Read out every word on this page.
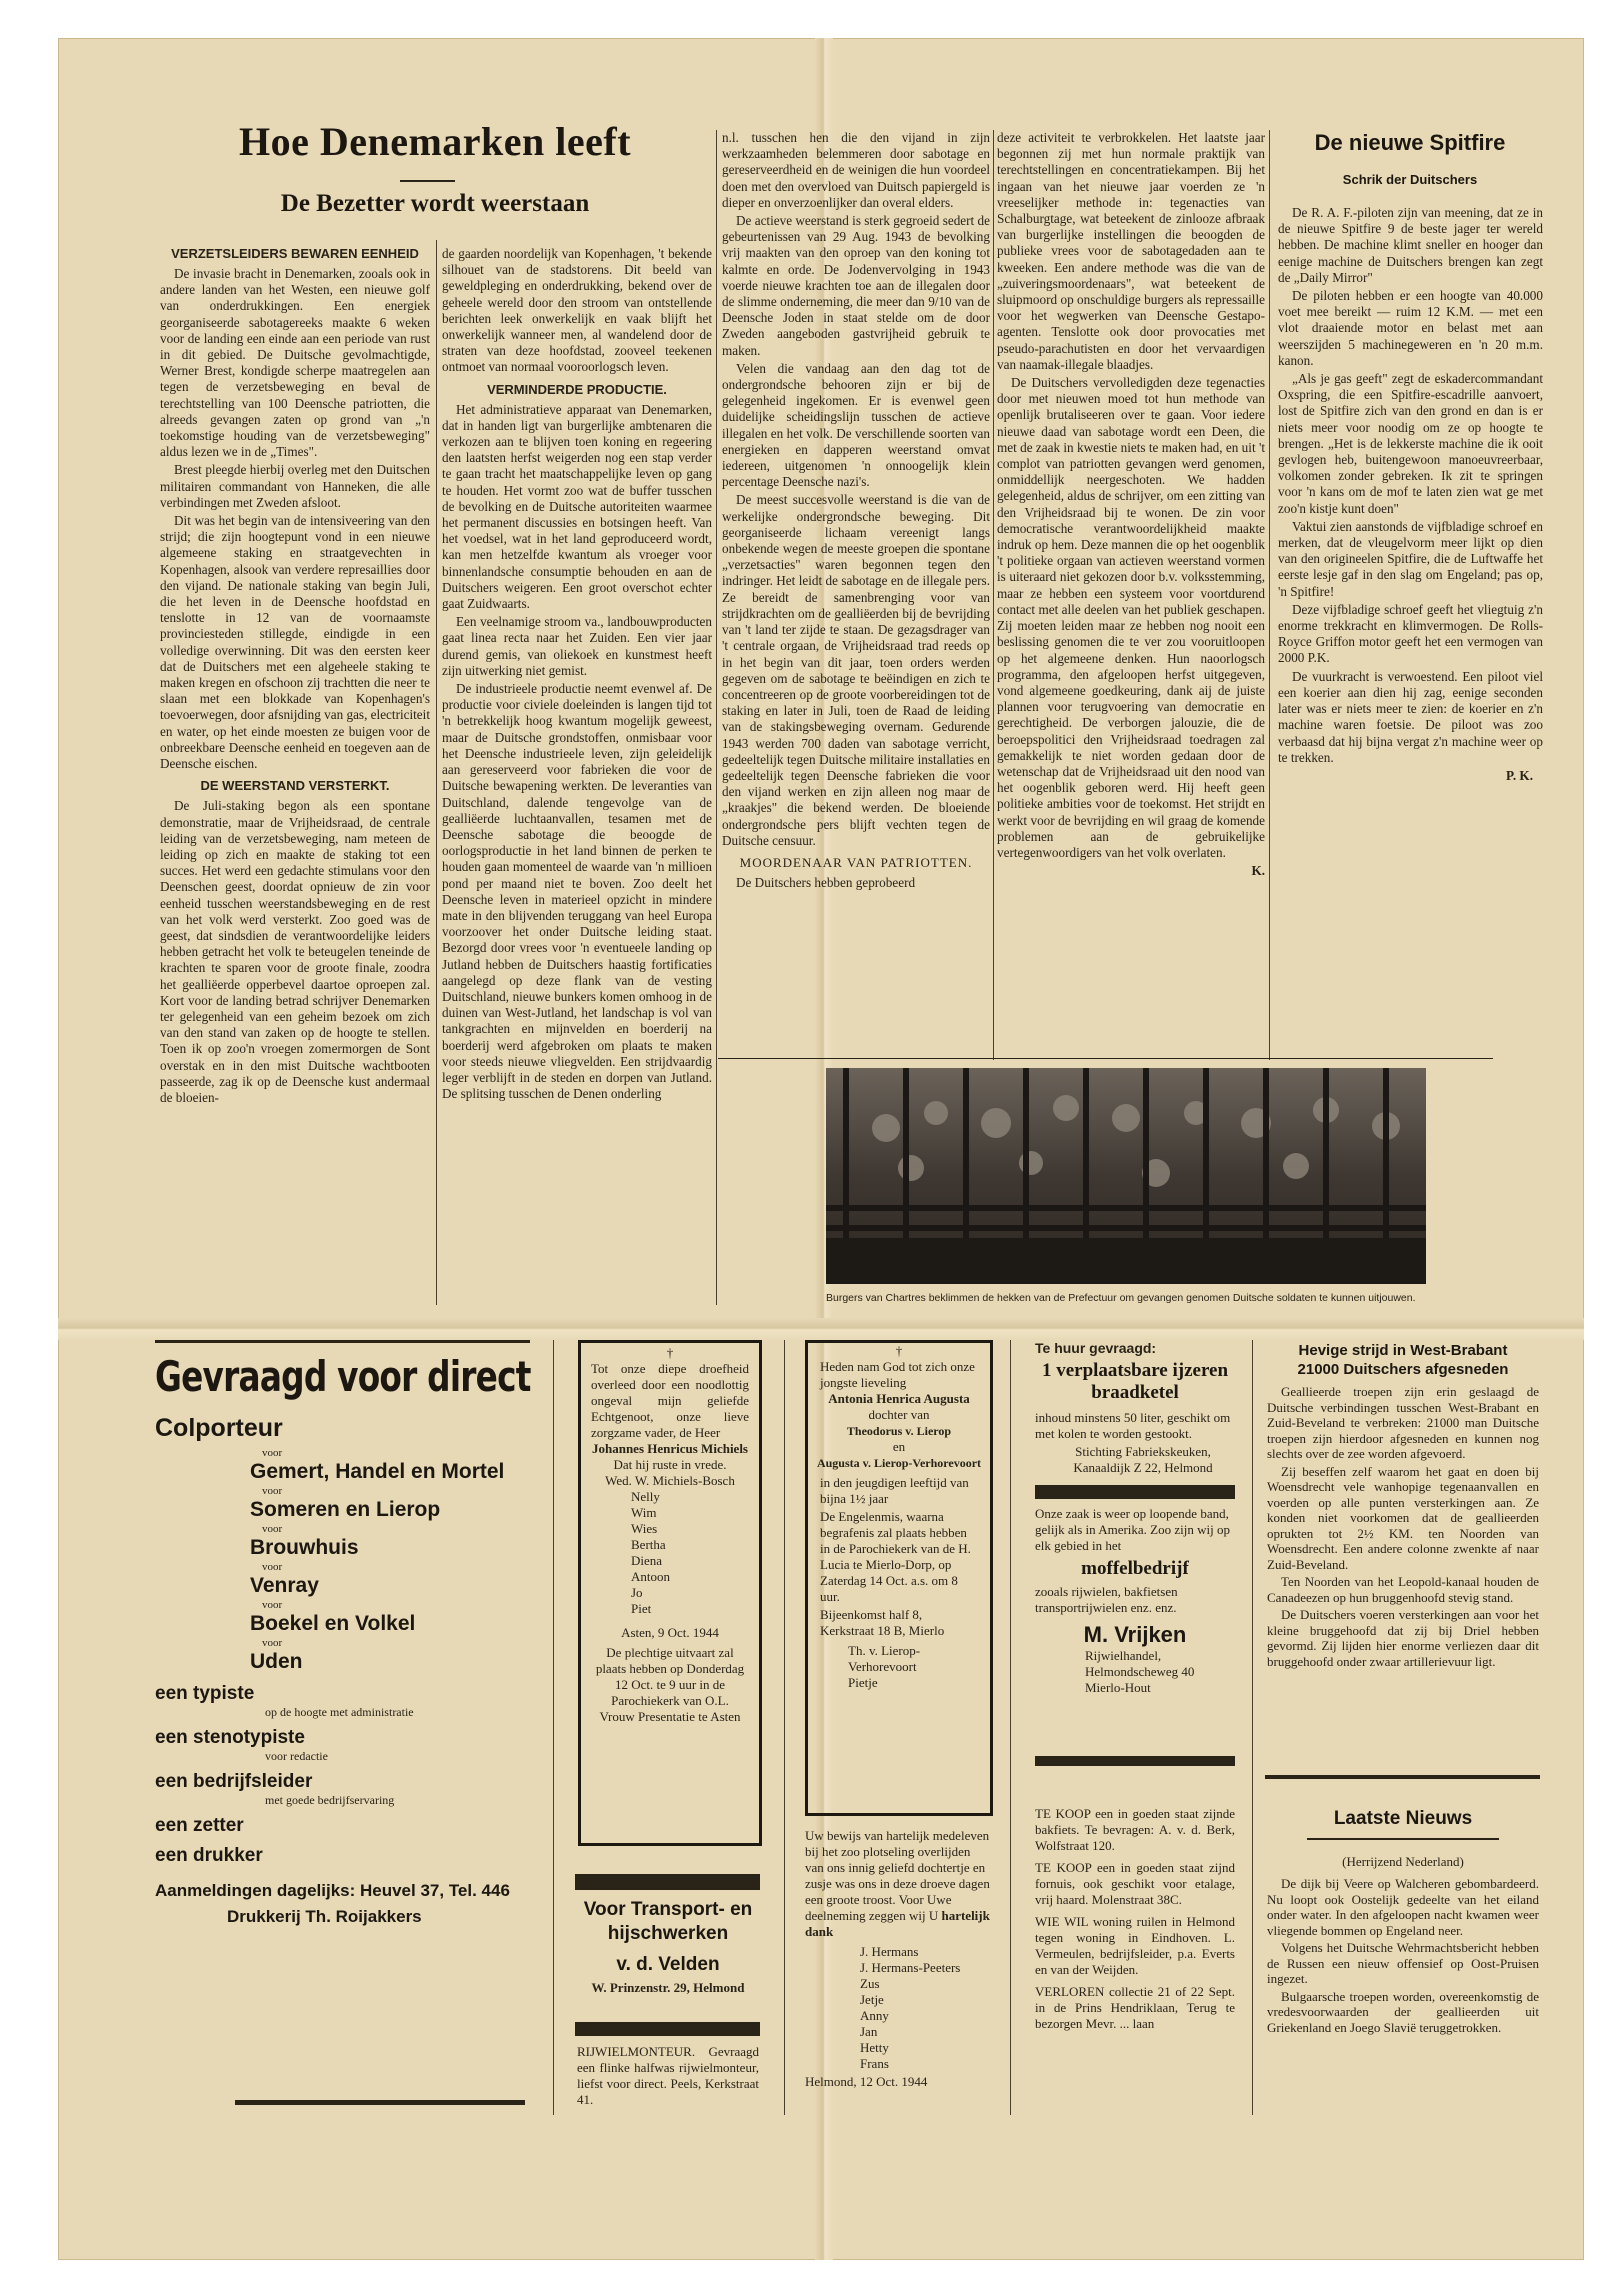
Hoe Denemarken leeft
De Bezetter wordt weerstaan
VERZETSLEIDERS BEWAREN EENHEID

De invasie bracht in Denemarken, zooals ook in andere landen van het Westen, een nieuwe golf van onderdrukkingen. Een energiek georganiseerde sabotagereeks maakte 6 weken voor de landing een einde aan een periode van rust in dit gebied. De Duitsche gevolmachtigde, Werner Brest, kondigde scherpe maatregelen aan tegen de verzetsbeweging en beval de terechtstelling van 100 Deensche patriotten, die alreeds gevangen zaten op grond van „'n toekomstige houding van de verzetsbeweging" aldus lezen we in de „Times".

Brest pleegde hierbij overleg met den Duitschen militairen commandant von Hanneken, die alle verbindingen met Zweden afsloot.

Dit was het begin van de intensiveering van den strijd; die zijn hoogtepunt vond in een nieuwe algemeene staking en straatgevechten in Kopenhagen, alsook van verdere represaillies door den vijand. De nationale staking van begin Juli, die het leven in de Deensche hoofdstad en tenslotte in 12 van de voornaamste provinciesteden stillegde, eindigde in een volledige overwinning. Dit was den eersten keer dat de Duitschers met een algeheele staking te maken kregen en ofschoon zij trachtten die neer te slaan met een blokkade van Kopenhagen's toevoerwegen, door afsnijding van gas, electriciteit en water, op het einde moesten ze buigen voor de onbreekbare Deensche eenheid en toegeven aan de Deensche eischen.

DE WEERSTAND VERSTERKT.

De Juli-staking begon als een spontane demonstratie, maar de Vrijheidsraad, de centrale leiding van de verzetsbeweging, nam meteen de leiding op zich en maakte de staking tot een succes. Het werd een gedachte stimulans voor den Deenschen geest, doordat opnieuw de zin voor eenheid tusschen weerstandsbeweging en de rest van het volk werd versterkt. Zoo goed was de geest, dat sindsdien de verantwoordelijke leiders hebben getracht het volk te beteugelen teneinde de krachten te sparen voor de groote finale, zoodra het gealliëerde opperbevel daartoe oproepen zal. Kort voor de landing betrad schrijver Denemarken ter gelegenheid van een geheim bezoek om zich van den stand van zaken op de hoogte te stellen. Toen ik op zoo'n vroegen zomermorgen de Sont overstak en in den mist Duitsche wachtbooten passeerde, zag ik op de Deensche kust andermaal de bloeien-

de gaarden noordelijk van Kopenhagen, 't bekende silhouet van de stadstorens. Dit beeld van geweldpleging en onderdrukking, bekend over de geheele wereld door den stroom van ontstellende berichten leek onwerkelijk en vaak blijft het onwerkelijk wanneer men, al wandelend door de straten van deze hoofdstad, zooveel teekenen ontmoet van normaal vooroorlogsch leven.

VERMINDERDE PRODUCTIE.

Het administratieve apparaat van Denemarken, dat in handen ligt van burgerlijke ambtenaren die verkozen aan te blijven toen koning en regeering den laatsten herfst weigerden nog een stap verder te gaan tracht het maatschappelijke leven op gang te houden. Het vormt zoo wat de buffer tusschen de bevolking en de Duitsche autoriteiten waarmee het permanent discussies en botsingen heeft. Van het voedsel, wat in het land geproduceerd wordt, kan men hetzelfde kwantum als vroeger voor binnenlandsche consumptie behouden en aan de Duitschers weigeren. Een groot overschot echter gaat Zuidwaarts.

Een veelnamige stroom va., landbouwproducten gaat linea recta naar het Zuiden. Een vier jaar durend gemis, van oliekoek en kunstmest heeft zijn uitwerking niet gemist.

De industrieele productie neemt evenwel af. De productie voor civiele doeleinden is langen tijd tot 'n betrekkelijk hoog kwantum mogelijk geweest, maar de Duitsche grondstoffen, onmisbaar voor het Deensche industrieele leven, zijn geleidelijk aan gereserveerd voor fabrieken die voor de Duitsche bewapening werkten. De leveranties van Duitschland, dalende tengevolge van de gealliëerde luchtaanvallen, tesamen met de Deensche sabotage die beoogde de oorlogsproductie in het land binnen de perken te houden gaan momenteel de waarde van 'n millioen pond per maand niet te boven. Zoo deelt het Deensche leven in materieel opzicht in mindere mate in den blijvenden teruggang van heel Europa voorzoover het onder Duitsche leiding staat. Bezorgd door vrees voor 'n eventueele landing op Jutland hebben de Duitschers haastig fortificaties aangelegd op deze flank van de vesting Duitschland, nieuwe bunkers komen omhoog in de duinen van West-Jutland, het landschap is vol van tankgrachten en mijnvelden en boerderij na boerderij werd afgebroken om plaats te maken voor steeds nieuwe vliegvelden. Een strijdvaardig leger verblijft in de steden en dorpen van Jutland. De splitsing tusschen de Denen onderling

n.l. tusschen hen die den vijand in zijn werkzaamheden belemmeren door sabotage en gereserveerdheid en de weinigen die hun voordeel doen met den overvloed van Duitsch papiergeld is dieper en onverzoenlijker dan overal elders.

De actieve weerstand is sterk gegroeid sedert de gebeurtenissen van 29 Aug. 1943 de bevolking vrij maakten van den oproep van den koning tot kalmte en orde. De Jodenvervolging in 1943 voerde nieuwe krachten toe aan de illegalen door de slimme onderneming, die meer dan 9/10 van de Deensche Joden in staat stelde om de door Zweden aangeboden gastvrijheid gebruik te maken.

Velen die vandaag aan den dag tot de ondergrondsche behooren zijn er bij de gelegenheid ingekomen. Er is evenwel geen duidelijke scheidingslijn tusschen de actieve illegalen en het volk. De verschillende soorten van energieken en dapperen weerstand omvat iedereen, uitgenomen 'n onnoogelijk klein percentage Deensche nazi's.

De meest succesvolle weerstand is die van de werkelijke ondergrondsche beweging. Dit georganiseerde lichaam vereenigt langs onbekende wegen de meeste groepen die spontane „verzetsacties" waren begonnen tegen den indringer. Het leidt de sabotage en de illegale pers. Ze bereidt de samenbrenging voor van strijdkrachten om de gealliëerden bij de bevrijding van 't land ter zijde te staan. De gezagsdrager van 't centrale orgaan, de Vrijheidsraad trad reeds op in het begin van dit jaar, toen orders werden gegeven om de sabotage te beëindigen en zich te concentreeren op de groote voorbereidingen tot de staking en later in Juli, toen de Raad de leiding van de stakingsbeweging overnam. Gedurende 1943 werden 700 daden van sabotage verricht, gedeeltelijk tegen Duitsche militaire installaties en gedeeltelijk tegen Deensche fabrieken die voor den vijand werken en zijn alleen nog maar de „kraakjes" die bekend werden. De bloeiende ondergrondsche pers blijft vechten tegen de Duitsche censuur.

MOORDENAAR VAN PATRIOTTEN.

De Duitschers hebben geprobeerd

deze activiteit te verbrokkelen. Het laatste jaar begonnen zij met hun normale praktijk van terechtstellingen en concentratiekampen. Bij het ingaan van het nieuwe jaar voerden ze 'n vreeselijker methode in: tegenacties van Schalburgtage, wat beteekent de zinlooze afbraak van burgerlijke instellingen die beoogden de publieke vrees voor de sabotagedaden aan te kweeken. Een andere methode was die van de „zuiveringsmoordenaars", wat beteekent de sluipmoord op onschuldige burgers als repressaille voor het wegwerken van Deensche Gestapo-agenten. Tenslotte ook door provocaties met pseudo-parachutisten en door het vervaardigen van naamak-illegale blaadjes.

De Duitschers vervolledigden deze tegenacties door met nieuwen moed tot hun methode van openlijk brutaliseeren over te gaan. Voor iedere nieuwe daad van sabotage wordt een Deen, die met de zaak in kwestie niets te maken had, en uit 't complot van patriotten gevangen werd genomen, onmiddellijk neergeschoten. We hadden gelegenheid, aldus de schrijver, om een zitting van den Vrijheidsraad bij te wonen. De zin voor democratische verantwoordelijkheid maakte indruk op hem. Deze mannen die op het oogenblik 't politieke orgaan van actieven weerstand vormen is uiteraard niet gekozen door b.v. volksstemming, maar ze hebben een systeem voor voortdurend contact met alle deelen van het publiek geschapen. Zij moeten leiden maar ze hebben nog nooit een beslissing genomen die te ver zou vooruitloopen op het algemeene denken. Hun naoorlogsch programma, den afgeloopen herfst uitgegeven, vond algemeene goedkeuring, dank aij de juiste plannen voor terugvoering van democratie en gerechtigheid. De verborgen jalouzie, die de beroepspolitici den Vrijheidsraad toedragen zal gemakkelijk te niet worden gedaan door de wetenschap dat de Vrijheidsraad uit den nood van het oogenblik geboren werd. Hij heeft geen politieke ambities voor de toekomst. Het strijdt en werkt voor de bevrijding en wil graag de komende problemen aan de gebruikelijke vertegenwoordigers van het volk overlaten.

K.
De nieuwe Spitfire
Schrik der Duitschers

De R. A. F.-piloten zijn van meening, dat ze in de nieuwe Spitfire 9 de beste jager ter wereld hebben. De machine klimt sneller en hooger dan eenige machine de Duitschers brengen kan zegt de „Daily Mirror"

De piloten hebben er een hoogte van 40.000 voet mee bereikt — ruim 12 K.M. — met een vlot draaiende motor en belast met aan weerszijden 5 machinegeweren en 'n 20 m.m. kanon.

„Als je gas geeft" zegt de eskadercommandant Oxspring, die een Spitfire-escadrille aanvoert, lost de Spitfire zich van den grond en dan is er niets meer voor noodig om ze op hoogte te brengen. „Het is de lekkerste machine die ik ooit gevlogen heb, buitengewoon manoeuvreerbaar, volkomen zonder gebreken. Ik zit te springen voor 'n kans om de mof te laten zien wat ge met zoo'n kistje kunt doen"

Vaktui zien aanstonds de vijfbladige schroef en merken, dat de vleugelvorm meer lijkt op dien van den origineelen Spitfire, die de Luftwaffe het eerste lesje gaf in den slag om Engeland; pas op, 'n Spitfire!

Deze vijfbladige schroef geeft het vliegtuig z'n enorme trekkracht en klimvermogen. De Rolls-Royce Griffon motor geeft het een vermogen van 2000 P.K.

De vuurkracht is verwoestend. Een piloot viel een koerier aan dien hij zag, eenige seconden later was er niets meer te zien: de koerier en z'n machine waren foetsie. De piloot was zoo verbaasd dat hij bijna vergat z'n machine weer op te trekken.

P. K.
Burgers van Chartres beklimmen de hekken van de Prefectuur om gevangen genomen Duitsche soldaten te kunnen uitjouwen.
Gevraagd voor direct
Colporteur
voor
Gemert, Handel en Mortel
voor
Someren en Lierop
voor
Brouwhuis
voor
Venray
voor
Boekel en Volkel
voor
Uden
een typiste
op de hoogte met administratie
een stenotypiste
voor redactie
een bedrijfsleider
met goede bedrijfservaring
een zetter
een drukker
Aanmeldingen dagelijks: Heuvel 37, Tel. 446
Drukkerij Th. Roijakkers
†
Tot onze diepe droefheid overleed door een noodlottig ongeval mijn geliefde Echtgenoot, onze lieve zorgzame vader, de Heer
Johannes Henricus Michiels
Dat hij ruste in vrede.
Wed. W. Michiels-Bosch
Nelly
Wim
Wies
Bertha
Diena
Antoon
Jo
Piet
Asten, 9 Oct. 1944
De plechtige uitvaart zal plaats hebben op Donderdag 12 Oct. te 9 uur in de Parochiekerk van O.L. Vrouw Presentatie te Asten
Voor Transport- en hijschwerken
v. d. Velden
W. Prinzenstr. 29, Helmond
RIJWIELMONTEUR. Gevraagd een flinke halfwas rijwielmonteur, liefst voor direct. Peels, Kerkstraat 41.
†
Heden nam God tot zich onze jongste lieveling
Antonia Henrica Augusta
dochter van
Theodorus v. Lierop
en
Augusta v. Lierop-Verhorevoort
in den jeugdigen leeftijd van bijna 1½ jaar
De Engelenmis, waarna begrafenis zal plaats hebben in de Parochiekerk van de H. Lucia te Mierlo-Dorp, op Zaterdag 14 Oct. a.s. om 8 uur.
Bijeenkomst half 8, Kerkstraat 18 B, Mierlo
Th. v. Lierop-Verhorevoort
Pietje
Uw bewijs van hartelijk medeleven bij het zoo plotseling overlijden van ons innig geliefd dochtertje en zusje was ons in deze droeve dagen een groote troost. Voor Uwe deelneming zeggen wij U hartelijk dank
J. Hermans
J. Hermans-Peeters
Zus
Jetje
Anny
Jan
Hetty
Frans
Helmond, 12 Oct. 1944
Te huur gevraagd:
1 verplaatsbare ijzeren braadketel
inhoud minstens 50 liter, geschikt om met kolen te worden gestookt.
Stichting Fabriekskeuken, Kanaaldijk Z 22, Helmond
Onze zaak is weer op loopende band, gelijk als in Amerika. Zoo zijn wij op elk gebied in het
moffelbedrijf
zooals rijwielen, bakfietsen transportrijwielen enz. enz.
M. Vrijken
Rijwielhandel,
Helmondscheweg 40
Mierlo-Hout
TE KOOP een in goeden staat zijnde bakfiets. Te bevragen: A. v. d. Berk, Wolfstraat 120.
TE KOOP een in goeden staat zijnd fornuis, ook geschikt voor etalage, vrij haard. Molenstraat 38C.
WIE WIL woning ruilen in Helmond tegen woning in Eindhoven. L. Vermeulen, bedrijfsleider, p.a. Everts en van der Weijden.
VERLOREN collectie 21 of 22 Sept. in de Prins Hendriklaan, Terug te bezorgen Mevr. ... laan
Hevige strijd in West-Brabant
21000 Duitschers afgesneden

Geallieerde troepen zijn erin geslaagd de Duitsche verbindingen tusschen West-Brabant en Zuid-Beveland te verbreken: 21000 man Duitsche troepen zijn hierdoor afgesneden en kunnen nog slechts over de zee worden afgevoerd.

Zij beseffen zelf waarom het gaat en doen bij Woensdrecht vele wanhopige tegenaanvallen en voerden op alle punten versterkingen aan. Ze konden niet voorkomen dat de geallieerden oprukten tot 2½ KM. ten Noorden van Woensdrecht. Een andere colonne zwenkte af naar Zuid-Beveland.

Ten Noorden van het Leopold-kanaal houden de Canadeezen op hun bruggenhoofd stevig stand.

De Duitschers voeren versterkingen aan voor het kleine bruggehoofd dat zij bij Driel hebben gevormd. Zij lijden hier enorme verliezen daar dit bruggehoofd onder zwaar artillerievuur ligt.

Laatste Nieuws
(Herrijzend Nederland)

De dijk bij Veere op Walcheren gebombardeerd. Nu loopt ook Oostelijk gedeelte van het eiland onder water. In den afgeloopen nacht kwamen weer vliegende bommen op Engeland neer.

Volgens het Duitsche Wehrmachtsbericht hebben de Russen een nieuw offensief op Oost-Pruisen ingezet.

Bulgaarsche troepen worden, overeenkomstig de vredesvoorwaarden der geallieerden uit Griekenland en Joego Slavië teruggetrokken.
